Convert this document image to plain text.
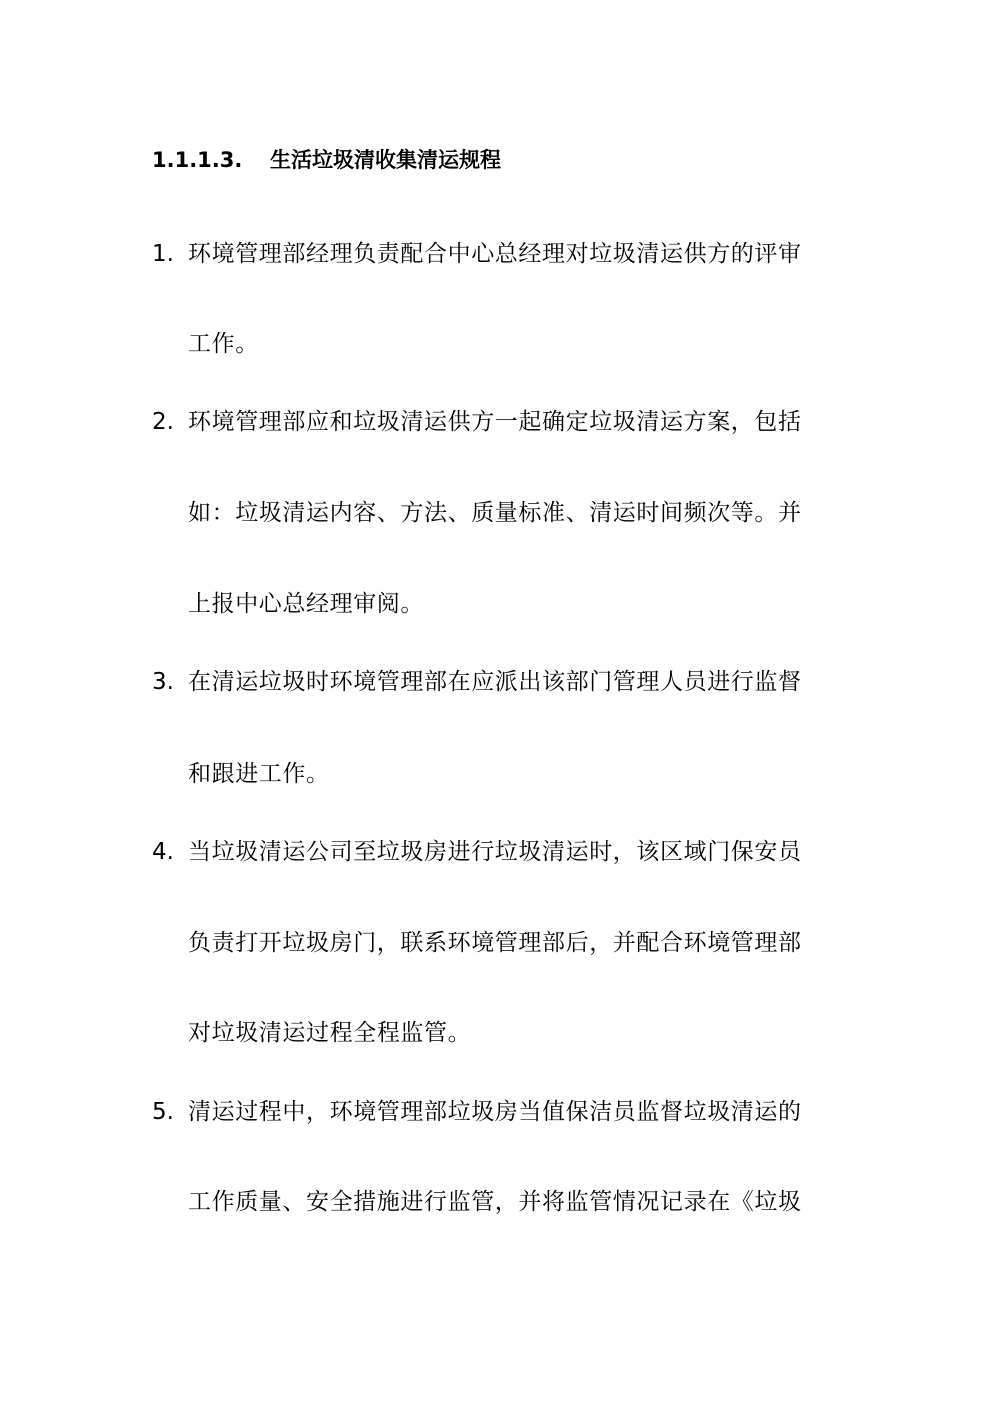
1.1.1.3. 生活垃圾清收集清运规程
1. 环境管理部经理负责配合中心总经理对垃圾清运供方的评审
工作。
2. 环境管理部应和垃圾清运供方一起确定垃圾清运方案，包括
如：垃圾清运内容、方法、质量标准、清运时间频次等。并
上报中心总经理审阅。
3. 在清运垃圾时环境管理部在应派出该部门管理人员进行监督
和跟进工作。
4. 当垃圾清运公司至垃圾房进行垃圾清运时，该区域门保安员
负责打开垃圾房门，联系环境管理部后，并配合环境管理部
对垃圾清运过程全程监管。
5. 清运过程中，环境管理部垃圾房当值保洁员监督垃圾清运的
工作质量、安全措施进行监管，并将监管情况记录在《垃圾
